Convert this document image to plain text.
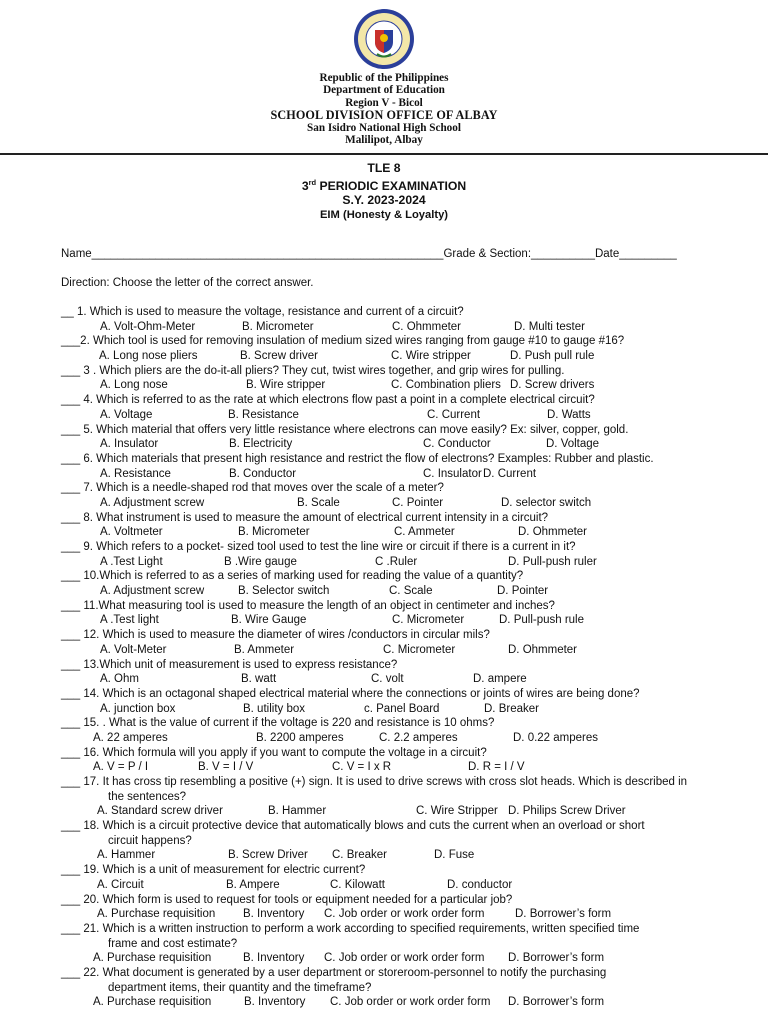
Republic of the Philippines
Department of Education
Region V - Bicol
SCHOOL DIVISION OFFICE OF ALBAY
San Isidro National High School
Malilipot, Albay
TLE 8
3rd PERIODIC EXAMINATION
S.Y. 2023-2024
EIM (Honesty & Loyalty)
Name_______________________________________________________Grade & Section:__________Date_________
Direction: Choose the letter of the correct answer.
__ 1. Which is used to measure the voltage, resistance and current of a circuit?
A. Volt-Ohm-Meter	B. Micrometer	C. Ohmmeter	D. Multi tester
___2. Which tool is used for removing insulation of medium sized wires ranging from gauge #10 to gauge #16?
A. Long nose pliers	B. Screw driver	C. Wire stripper	D. Push pull rule
___ 3 . Which pliers are the do-it-all pliers? They cut, twist wires together, and grip wires for pulling.
A. Long nose	B. Wire stripper	C. Combination pliers D. Screw drivers
___ 4. Which is referred to as the rate at which electrons flow past a point in a complete electrical circuit?
A. Voltage	B. Resistance	C. Current	D. Watts
___ 5. Which material that offers very little resistance where electrons can move easily? Ex: silver, copper, gold.
A. Insulator	B. Electricity	C. Conductor	D. Voltage
___ 6. Which materials that present high resistance and restrict the flow of electrons? Examples: Rubber and plastic.
A. Resistance	B. Conductor	C. Insulator D. Current
___ 7. Which is a needle-shaped rod that moves over the scale of a meter?
A. Adjustment screw	B. Scale	C. Pointer	D. selector switch
___ 8. What instrument is used to measure the amount of electrical current intensity in a circuit?
A. Voltmeter	B. Micrometer	C. Ammeter	D. Ohmmeter
___ 9. Which refers to a pocket- sized tool used to test the line wire or circuit if there is a current in it?
A .Test Light	B .Wire gauge	C .Ruler	D. Pull-push ruler
___ 10.Which is referred to as a series of marking used for reading the value of a quantity?
A. Adjustment screw	B. Selector switch	C. Scale	D. Pointer
___ 11.What measuring tool is used to measure the length of an object in centimeter and inches?
A .Test light	B. Wire Gauge	C. Micrometer	D. Pull-push rule
___ 12. Which is used to measure the diameter of wires /conductors in circular mils?
A. Volt-Meter	B. Ammeter	C. Micrometer	D. Ohmmeter
___ 13.Which unit of measurement is used to express resistance?
A. Ohm	B. watt	C. volt	D. ampere
___ 14. Which is an octagonal shaped electrical material where the connections or joints of wires are being done?
A. junction box	B. utility box	c. Panel Board	D. Breaker
___ 15. . What is the value of current if the voltage is 220 and resistance is 10 ohms?
A. 22 amperes	B. 2200 amperes	C. 2.2 amperes	D. 0.22 amperes
___ 16. Which formula will you apply if you want to compute the voltage in a circuit?
A. V = P / I	B. V = I / V	C. V = I x R	D. R = I / V
___ 17. It has cross tip resembling a positive (+) sign. It is used to drive screws with cross slot heads. Which is described in
the sentences?
A. Standard screw driver	B. Hammer	C. Wire Stripper D. Philips Screw Driver
___ 18. Which is a circuit protective device that automatically blows and cuts the current when an overload or short
circuit happens?
A. Hammer	B. Screw Driver C. Breaker	D. Fuse
___ 19. Which is a unit of measurement for electric current?
A. Circuit	B. Ampere	C. Kilowatt	D. conductor
___ 20. Which form is used to request for tools or equipment needed for a particular job?
A. Purchase requisition B. Inventory C. Job order or work order form	D. Borrower’s form
___ 21. Which is a written instruction to perform a work according to specified requirements, written specified time
frame and cost estimate?
A. Purchase requisition	B. Inventory C. Job order or work order form D. Borrower’s form
___ 22. What document is generated by a user department or storeroom-personnel to notify the purchasing
department items, their quantity and the timeframe?
A. Purchase requisition	B. Inventory C. Job order or work order form D. Borrower’s form
